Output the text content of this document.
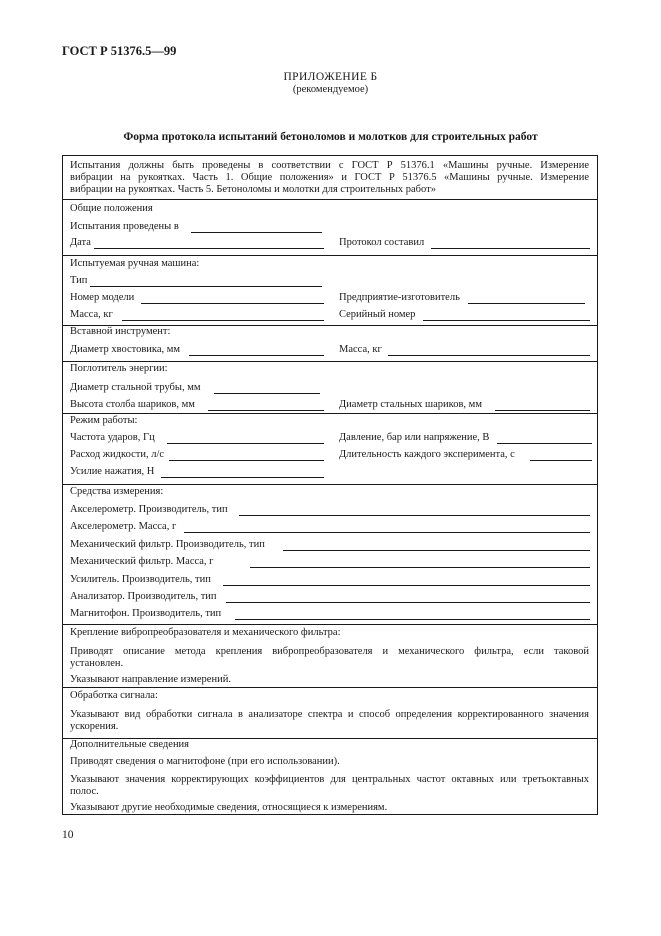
ГОСТ Р 51376.5—99
ПРИЛОЖЕНИЕ Б
(рекомендуемое)
Форма протокола испытаний бетоноломов и молотков для строительных работ
Испытания должны быть проведены в соответствии с ГОСТ Р 51376.1 «Машины ручные. Измерение
вибрации на рукоятках. Часть 1. Общие положения» и ГОСТ Р 51376.5 «Машины ручные. Измерение
вибрации на рукоятках. Часть 5. Бетоноломы и молотки для строительных работ»
Общие положения
Испытания проведены в
Дата	Протокол составил
Испытуемая ручная машина:
Тип
Номер модели	Предприятие-изготовитель
Масса, кг	Серийный номер
Вставной инструмент:
Диаметр хвостовика, мм	Масса, кг
Поглотитель энергии:
Диаметр стальной трубы, мм
Высота столба шариков, мм	Диаметр стальных шариков, мм
Режим работы:
Частота ударов, Гц	Давление, бар или напряжение, В
Расход жидкости, л/с	Длительность каждого эксперимента, с
Усилие нажатия, Н
Средства измерения:
Акселерометр. Производитель, тип
Акселерометр. Масса, г
Механический фильтр. Производитель, тип
Механический фильтр. Масса, г
Усилитель. Производитель, тип
Анализатор. Производитель, тип
Магнитофон. Производитель, тип
Крепление вибропреобразователя и механического фильтра:
Приводят описание метода крепления вибропреобразователя и механического фильтра, если таковой
установлен.
Указывают направление измерений.
Обработка сигнала:
Указывают вид обработки сигнала в анализаторе спектра и способ определения корректированного значения
ускорения.
Дополнительные сведения
Приводят сведения о магнитофоне (при его использовании).
Указывают значения корректирующих коэффициентов для центральных частот октавных или третьоктавных
полос.
Указывают другие необходимые сведения, относящиеся к измерениям.
10
